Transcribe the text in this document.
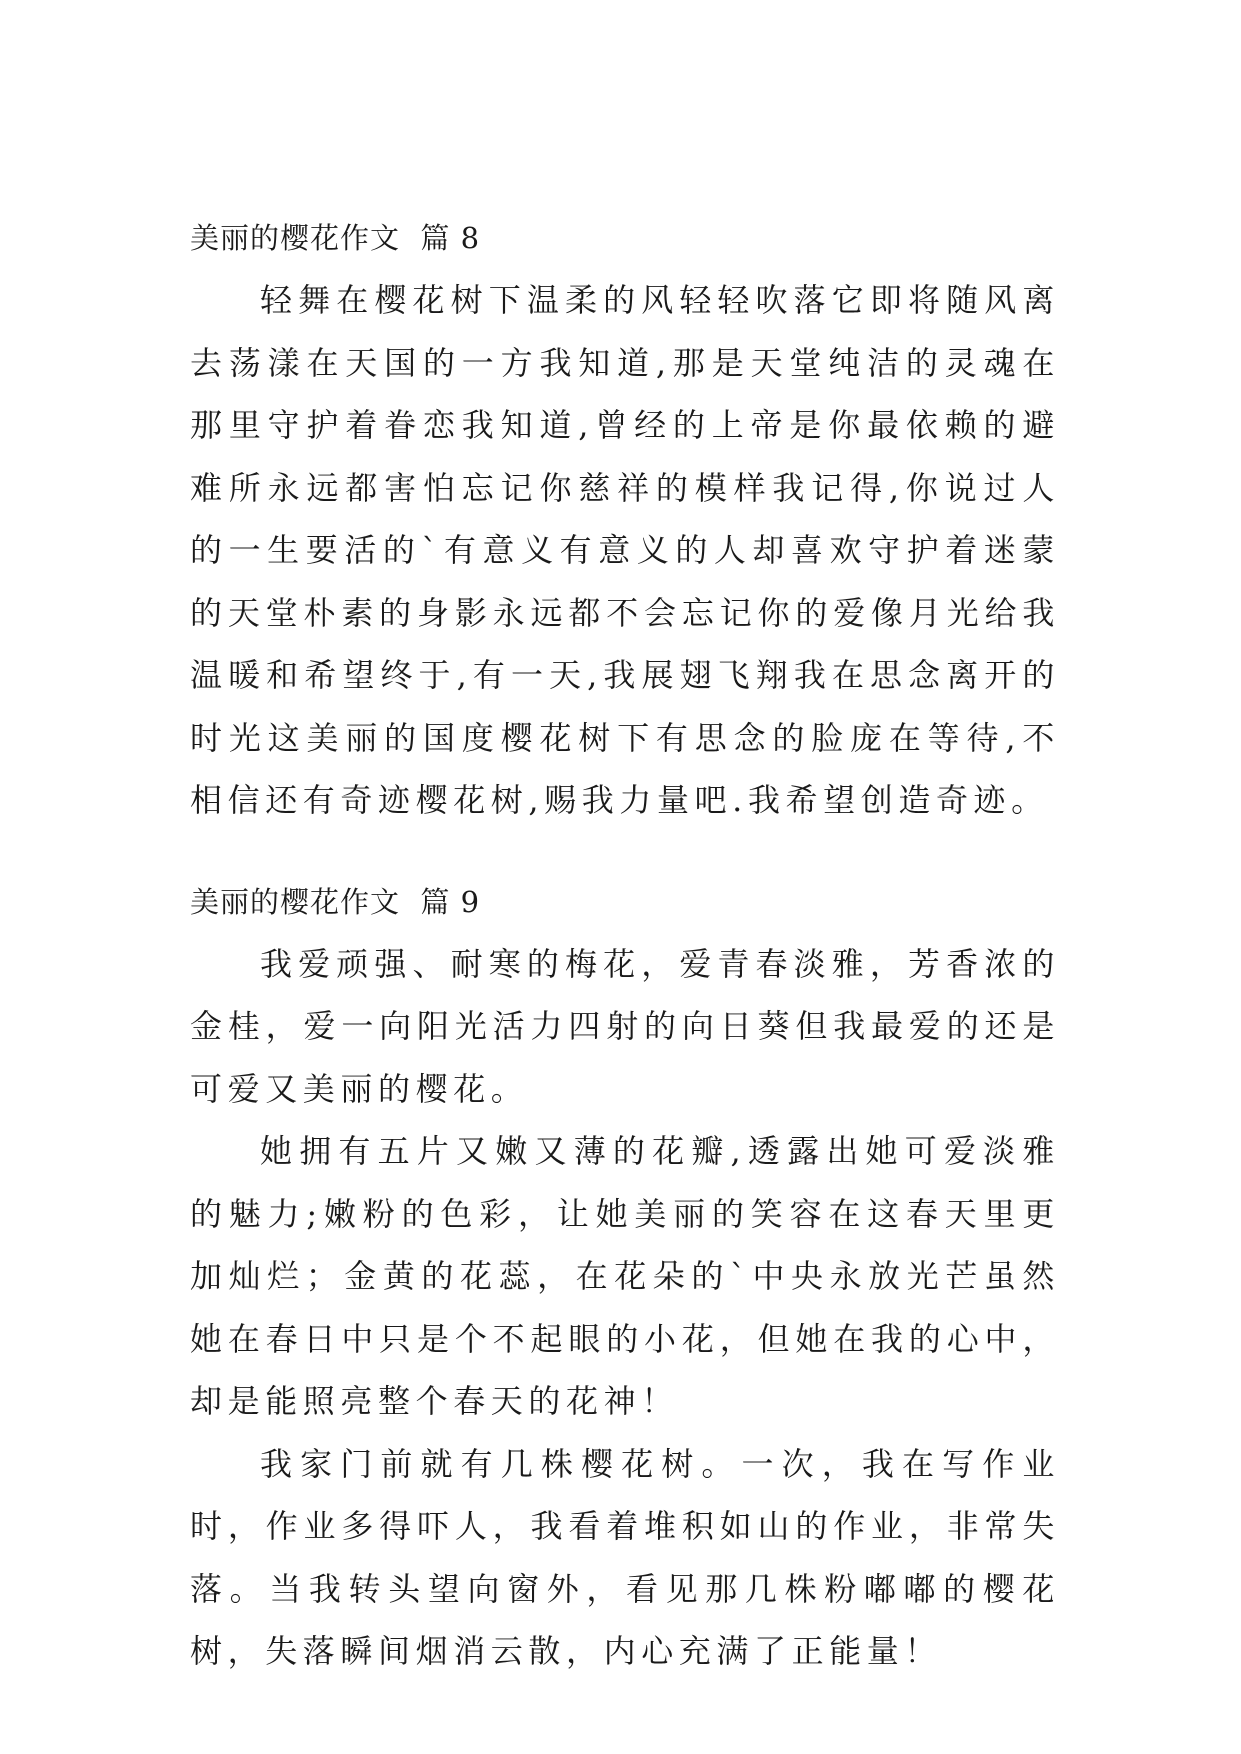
美丽的樱花作文  篇 8

轻舞在樱花树下温柔的风轻轻吹落它即将随风离去荡漾在天国的一方我知道,那是天堂纯洁的灵魂在那里守护着眷恋我知道,曾经的上帝是你最依赖的避难所永远都害怕忘记你慈祥的模样我记得,你说过人的一生要活的`有意义有意义的人却喜欢守护着迷蒙的天堂朴素的身影永远都不会忘记你的爱像月光给我温暖和希望终于,有一天,我展翅飞翔我在思念离开的时光这美丽的国度樱花树下有思念的脸庞在等待,不相信还有奇迹樱花树,赐我力量吧.我希望创造奇迹。

美丽的樱花作文  篇 9

我爱顽强、耐寒的梅花，爱青春淡雅，芳香浓的金桂，爱一向阳光活力四射的向日葵但我最爱的还是可爱又美丽的樱花。

她拥有五片又嫩又薄的花瓣,透露出她可爱淡雅的魅力;嫩粉的色彩，让她美丽的笑容在这春天里更加灿烂；金黄的花蕊，在花朵的`中央永放光芒虽然她在春日中只是个不起眼的小花，但她在我的心中，却是能照亮整个春天的花神！

我家门前就有几株樱花树。一次，我在写作业时，作业多得吓人，我看着堆积如山的作业，非常失落。当我转头望向窗外，看见那几株粉嘟嘟的樱花树，失落瞬间烟消云散，内心充满了正能量！
